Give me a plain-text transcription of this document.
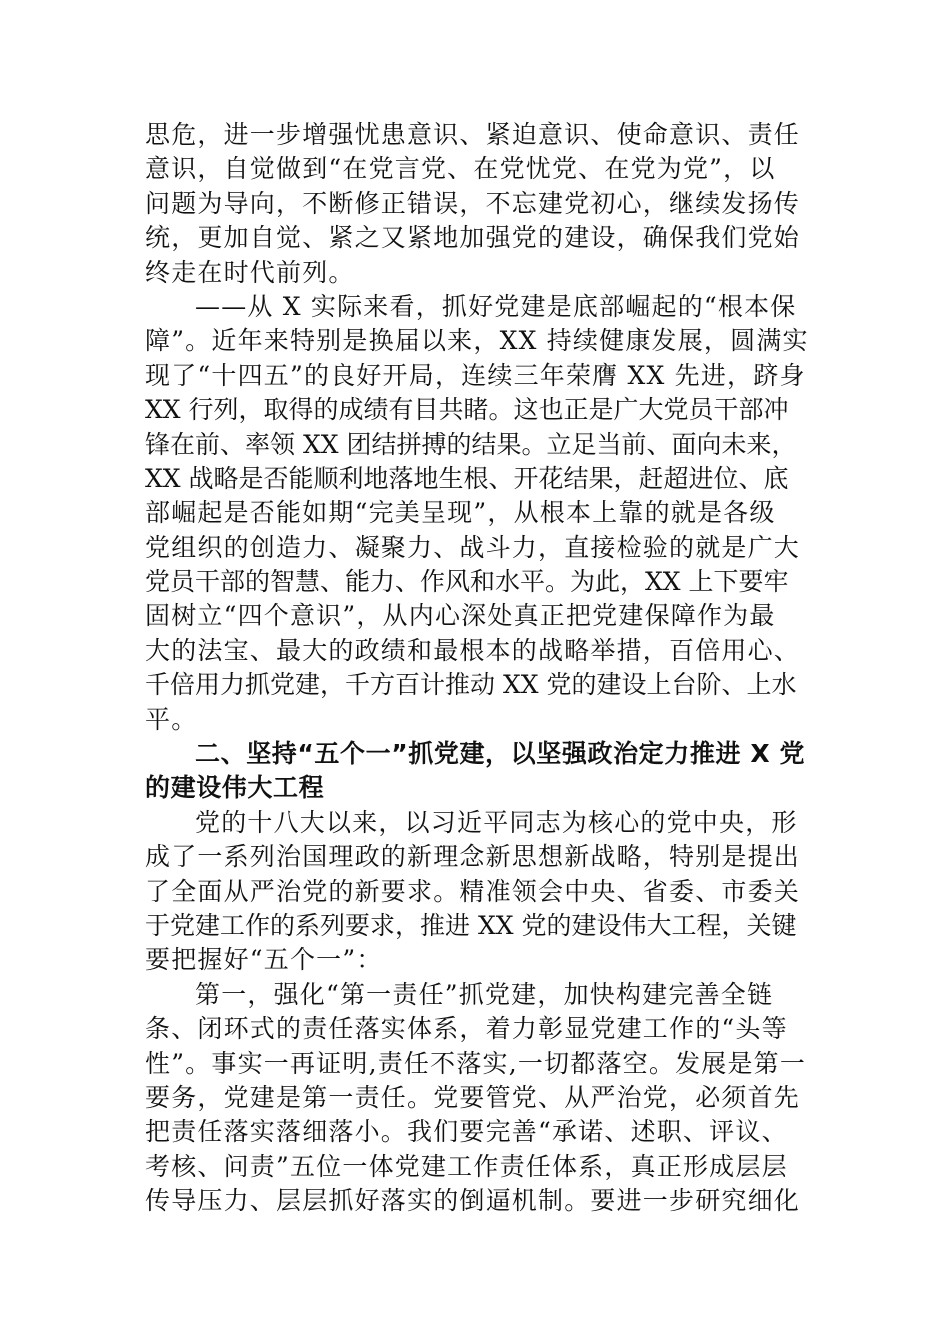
思危，进一步增强忧患意识、紧迫意识、使命意识、责任
意识，自觉做到“在党言党、在党忧党、在党为党”，以
问题为导向，不断修正错误，不忘建党初心，继续发扬传
统，更加自觉、紧之又紧地加强党的建设，确保我们党始
终走在时代前列。
——从 X 实际来看，抓好党建是底部崛起的“根本保
障”。近年来特别是换届以来，XX 持续健康发展，圆满实
现了“十四五”的良好开局，连续三年荣膺 XX 先进，跻身
XX 行列，取得的成绩有目共睹。这也正是广大党员干部冲
锋在前、率领 XX 团结拼搏的结果。立足当前、面向未来，
XX 战略是否能顺利地落地生根、开花结果，赶超进位、底
部崛起是否能如期“完美呈现”，从根本上靠的就是各级
党组织的创造力、凝聚力、战斗力，直接检验的就是广大
党员干部的智慧、能力、作风和水平。为此，XX 上下要牢
固树立“四个意识”，从内心深处真正把党建保障作为最
大的法宝、最大的政绩和最根本的战略举措，百倍用心、
千倍用力抓党建，千方百计推动 XX 党的建设上台阶、上水
平。
二、坚持“五个一”抓党建，以坚强政治定力推进 X 党
的建设伟大工程
党的十八大以来，以习近平同志为核心的党中央，形
成了一系列治国理政的新理念新思想新战略，特别是提出
了全面从严治党的新要求。精准领会中央、省委、市委关
于党建工作的系列要求，推进 XX 党的建设伟大工程，关键
要把握好“五个一”：
第一，强化“第一责任”抓党建，加快构建完善全链
条、闭环式的责任落实体系，着力彰显党建工作的“头等
性”。事实一再证明,责任不落实,一切都落空。发展是第一
要务，党建是第一责任。党要管党、从严治党，必须首先
把责任落实落细落小。我们要完善“承诺、述职、评议、
考核、问责”五位一体党建工作责任体系，真正形成层层
传导压力、层层抓好落实的倒逼机制。要进一步研究细化
